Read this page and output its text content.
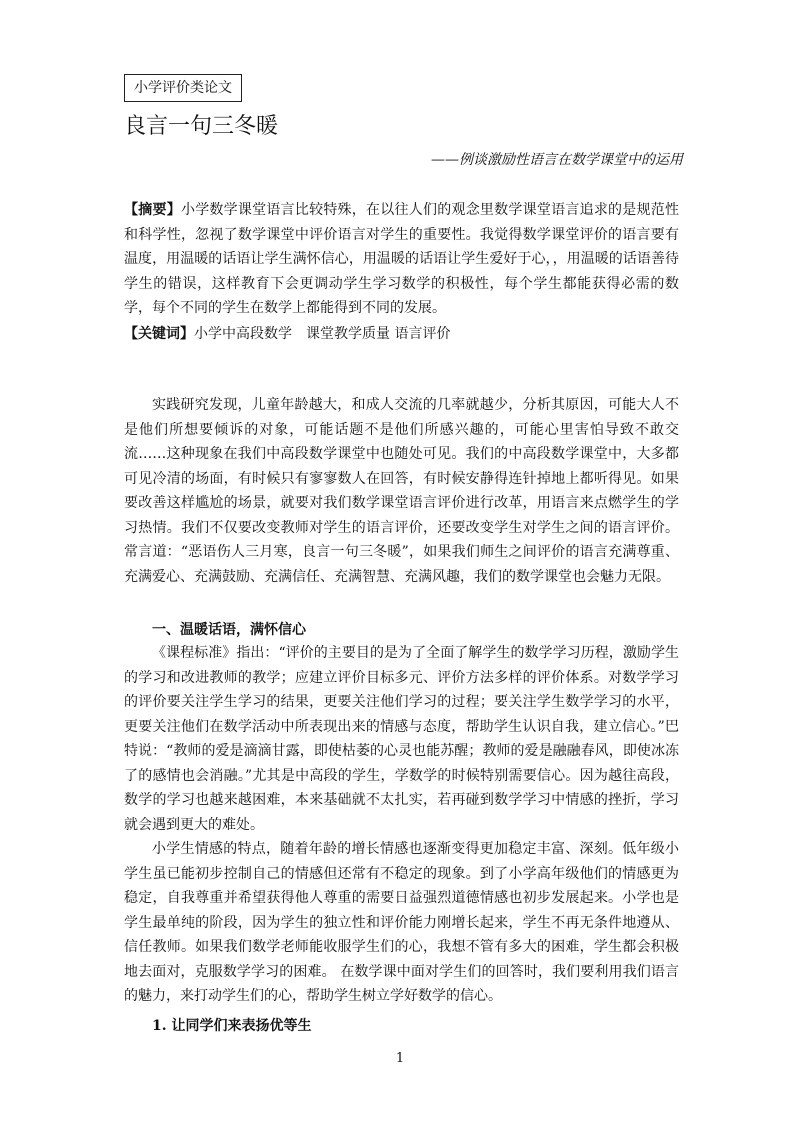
小学评价类论文
良言一句三冬暖
——例谈激励性语言在数学课堂中的运用
【摘要】小学数学课堂语言比较特殊，在以往人们的观念里数学课堂语言追求的是规范性和科学性，忽视了数学课堂中评价语言对学生的重要性。我觉得数学课堂评价的语言要有温度，用温暖的话语让学生满怀信心，用温暖的话语让学生爱好于心，，用温暖的话语善待学生的错误，这样教育下会更调动学生学习数学的积极性，每个学生都能获得必需的数学，每个不同的学生在数学上都能得到不同的发展。
【关键词】小学中高段数学　课堂教学质量 语言评价

实践研究发现，儿童年龄越大，和成人交流的几率就越少，分析其原因，可能大人不是他们所想要倾诉的对象，可能话题不是他们所感兴趣的，可能心里害怕导致不敢交流……这种现象在我们中高段数学课堂中也随处可见。我们的中高段数学课堂中，大多都可见冷清的场面，有时候只有寥寥数人在回答，有时候安静得连针掉地上都听得见。如果要改善这样尴尬的场景，就要对我们数学课堂语言评价进行改革，用语言来点燃学生的学习热情。我们不仅要改变教师对学生的语言评价，还要改变学生对学生之间的语言评价。常言道：“恶语伤人三月寒，良言一句三冬暖”，如果我们师生之间评价的语言充满尊重、充满爱心、充满鼓励、充满信任、充满智慧、充满风趣，我们的数学课堂也会魅力无限。

一、温暖话语，满怀信心

《课程标准》指出：“评价的主要目的是为了全面了解学生的数学学习历程，激励学生的学习和改进教师的教学；应建立评价目标多元、评价方法多样的评价体系。对数学学习的评价要关注学生学习的结果，更要关注他们学习的过程；要关注学生数学学习的水平，更要关注他们在数学活动中所表现出来的情感与态度，帮助学生认识自我，建立信心。”巴特说：“教师的爱是滴滴甘露，即使枯萎的心灵也能苏醒；教师的爱是融融春风，即使冰冻了的感情也会消融。”尤其是中高段的学生，学数学的时候特别需要信心。因为越往高段，数学的学习也越来越困难，本来基础就不太扎实，若再碰到数学学习中情感的挫折，学习就会遇到更大的难处。

小学生情感的特点，随着年龄的增长情感也逐渐变得更加稳定丰富、深刻。低年级小学生虽已能初步控制自己的情感但还常有不稳定的现象。到了小学高年级他们的情感更为稳定，自我尊重并希望获得他人尊重的需要日益强烈道德情感也初步发展起来。小学也是学生最单纯的阶段，因为学生的独立性和评价能力刚增长起来，学生不再无条件地遵从、信任教师。如果我们数学老师能收服学生们的心，我想不管有多大的困难，学生都会积极地去面对，克服数学学习的困难。 在数学课中面对学生们的回答时，我们要利用我们语言的魅力，来打动学生们的心，帮助学生树立学好数学的信心。

1. 让同学们来表扬优等生
1
